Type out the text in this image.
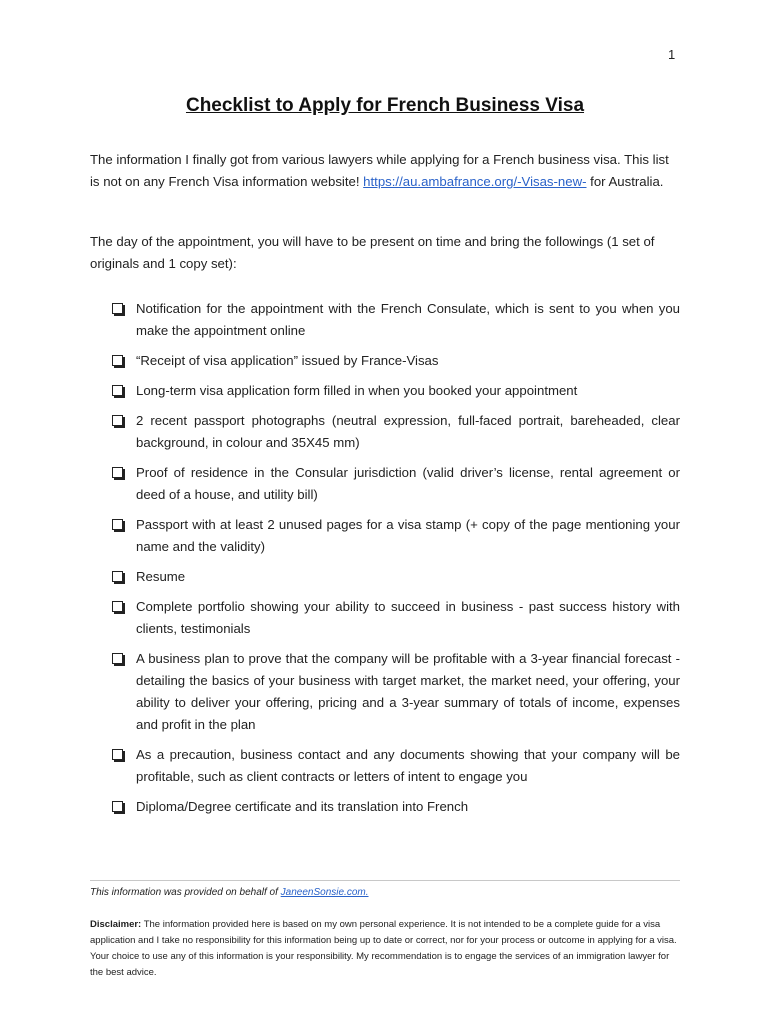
1
Checklist to Apply for French Business Visa
The information I finally got from various lawyers while applying for a French business visa. This list is not on any French Visa information website! https://au.ambafrance.org/-Visas-new- for Australia.
The day of the appointment, you will have to be present on time and bring the followings (1 set of originals and 1 copy set):
Notification for the appointment with the French Consulate, which is sent to you when you make the appointment online
“Receipt of visa application” issued by France-Visas
Long-term visa application form filled in when you booked your appointment
2 recent passport photographs (neutral expression, full-faced portrait, bareheaded, clear background, in colour and 35X45 mm)
Proof of residence in the Consular jurisdiction (valid driver’s license, rental agreement or deed of a house, and utility bill)
Passport with at least 2 unused pages for a visa stamp (+ copy of the page mentioning your name and the validity)
Resume
Complete portfolio showing your ability to succeed in business - past success history with clients, testimonials
A business plan to prove that the company will be profitable with a 3-year financial forecast - detailing the basics of your business with target market, the market need, your offering, your ability to deliver your offering, pricing and a 3-year summary of totals of income, expenses and profit in the plan
As a precaution, business contact and any documents showing that your company will be profitable, such as client contracts or letters of intent to engage you
Diploma/Degree certificate and its translation into French
This information was provided on behalf of JaneenSonsie.com.
Disclaimer: The information provided here is based on my own personal experience. It is not intended to be a complete guide for a visa application and I take no responsibility for this information being up to date or correct, nor for your process or outcome in applying for a visa. Your choice to use any of this information is your responsibility. My recommendation is to engage the services of an immigration lawyer for the best advice.
